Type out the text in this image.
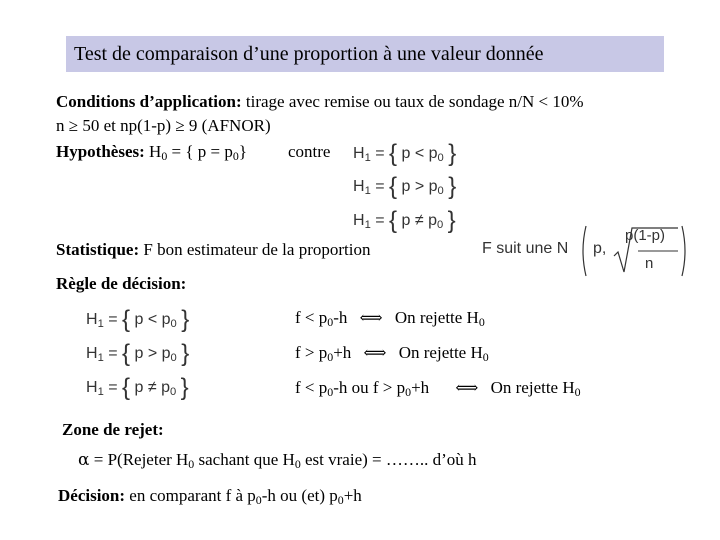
Test de comparaison d’une proportion à une valeur donnée
Conditions d’application: tirage avec remise ou taux de sondage n/N < 10%
n ≥ 50 et np(1-p) ≥ 9 (AFNOR)
Hypothèses: $H_0$ = { $p = p_0$} contre $H_1$ = { $p < p_0$ }
$H_1$ = { $p > p_0$ }
$H_1$ = { $p \ne p_0$ }
Statistique: F bon estimateur de la proportion	F suit une N p,
p(1-p)
n
Règle de décision:
$H_1$ = { $p < p_0$ }
$H_1$ = { $p > p_0$ }
$H_1$ = { $p \ne p_0$ }
$f < p_0-h$ ⟺ On rejette $H_0$
$f > p_0+h$ ⟺ On rejette $H_0$
$f < p_0-h$ ou $f > p_0+h$ ⟺ On rejette $H_0$
Zone de rejet:
α = P(Rejeter $H_0$ sachant que $H_0$ est vraie) = …….. d’où h
Décision: en comparant f à $p_0-h$ ou (et) $p_0+h$
